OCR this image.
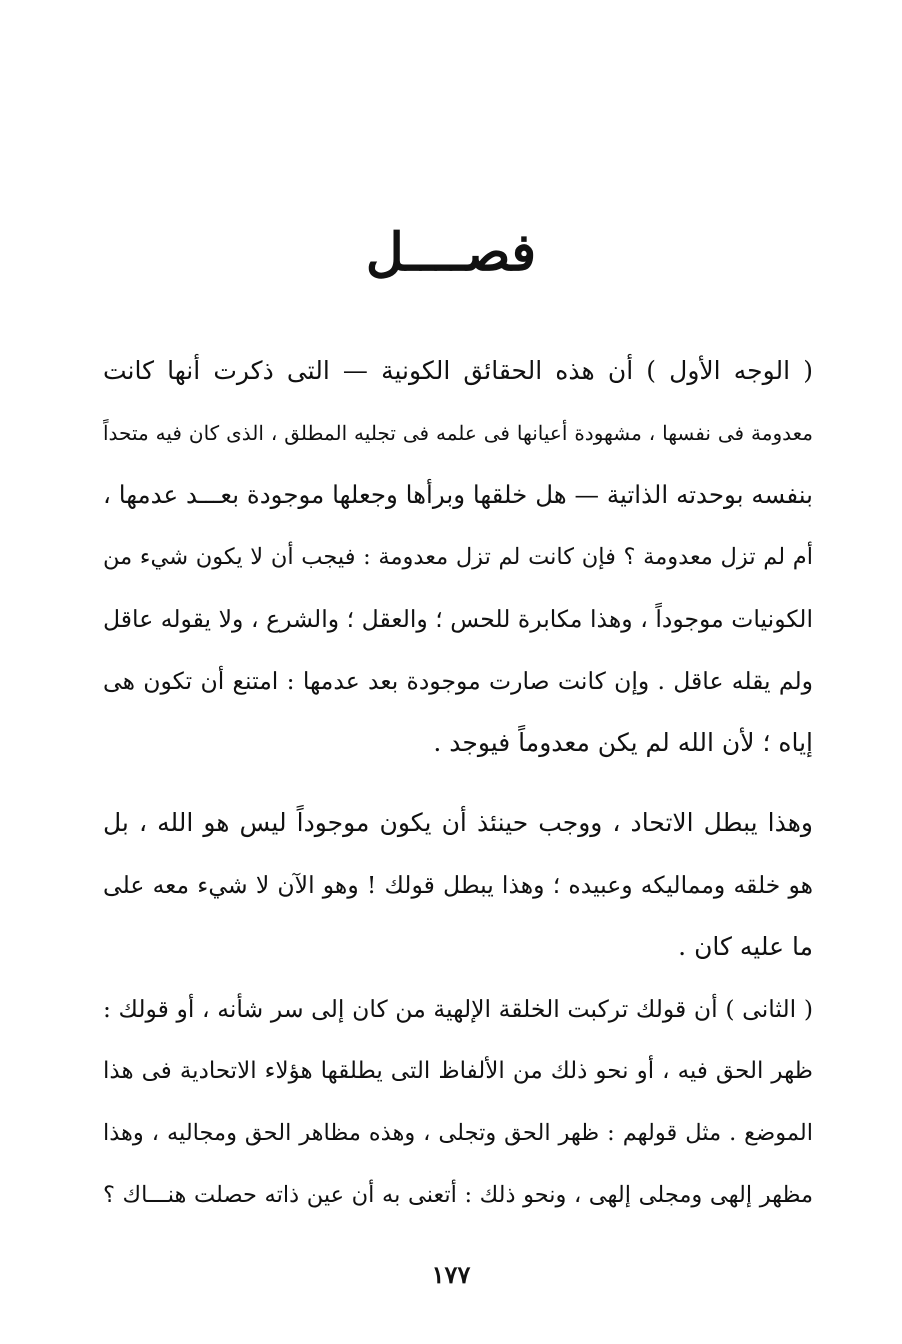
فصــــل
( الوجه الأول ) أن هذه الحقائق الكونية — التى ذكرت أنها كانت
معدومة فى نفسها ، مشهودة أعيانها فى علمه فى تجليه المطلق ، الذى كان فيه متحداً
بنفسه بوحدته الذاتية — هل خلقها وبرأها وجعلها موجودة بعـــد عدمها ،
أم لم تزل معدومة ؟ فإن كانت لم تزل معدومة : فيجب أن لا يكون شيء من
الكونيات موجوداً ، وهذا مكابرة للحس ؛ والعقل ؛ والشرع ، ولا يقوله عاقل
ولم يقله عاقل . وإن كانت صارت موجودة بعد عدمها : امتنع أن تكون هى
إياه ؛ لأن الله لم يكن معدوماً فيوجد .
وهذا يبطل الاتحاد ، ووجب حينئذ أن يكون موجوداً ليس هو الله ، بل
هو خلقه ومماليكه وعبيده ؛ وهذا يبطل قولك ! وهو الآن لا شيء معه على
ما عليه كان .
( الثانى ) أن قولك تركبت الخلقة الإلهية من كان إلى سر شأنه ، أو قولك :
ظهر الحق فيه ، أو نحو ذلك من الألفاظ التى يطلقها هؤلاء الاتحادية فى هذا
الموضع . مثل قولهم : ظهر الحق وتجلى ، وهذه مظاهر الحق ومجاليه ، وهذا
مظهر إلهى ومجلى إلهى ، ونحو ذلك : أتعنى به أن عين ذاته حصلت هنـــاك ؟
١٧٧
